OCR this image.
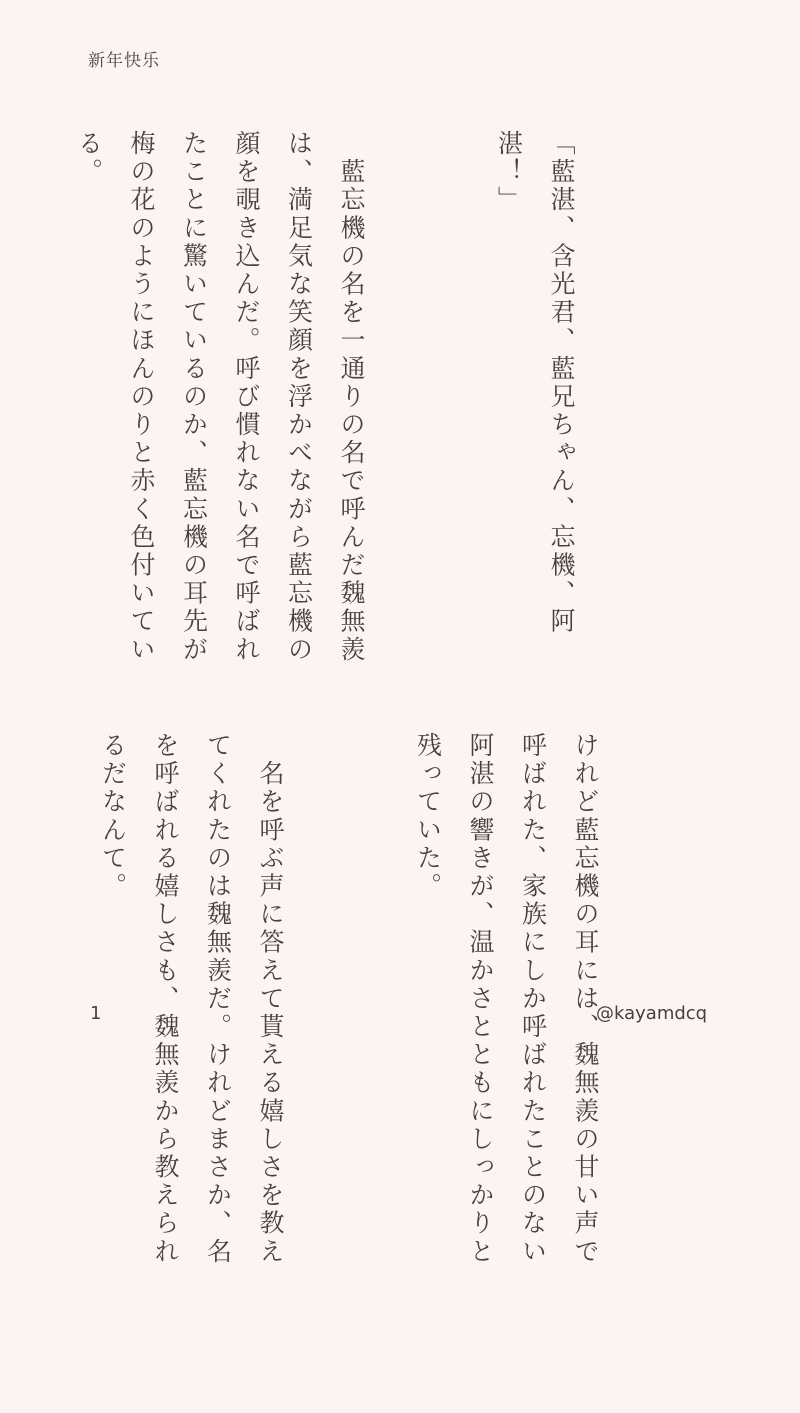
新年快乐

「藍湛、含光君、藍兄ちゃん、忘機、阿湛！」

　藍忘機の名を一通りの名で呼んだ魏無羨は、満足気な笑顔を浮かべながら藍忘機の顔を覗き込んだ。呼び慣れない名で呼ばれたことに驚いているのか、藍忘機の耳先が梅の花のようにほんのりと赤く色付いている。

けれど藍忘機の耳には、魏無羨の甘い声で呼ばれた、家族にしか呼ばれたことのない阿湛の響きが、温かさとともにしっかりと残っていた。

　名を呼ぶ声に答えて貰える嬉しさを教えてくれたのは魏無羨だ。けれどまさか、名を呼ばれる嬉しさも、魏無羨から教えられるだなんて。

1	@kayamdcq
